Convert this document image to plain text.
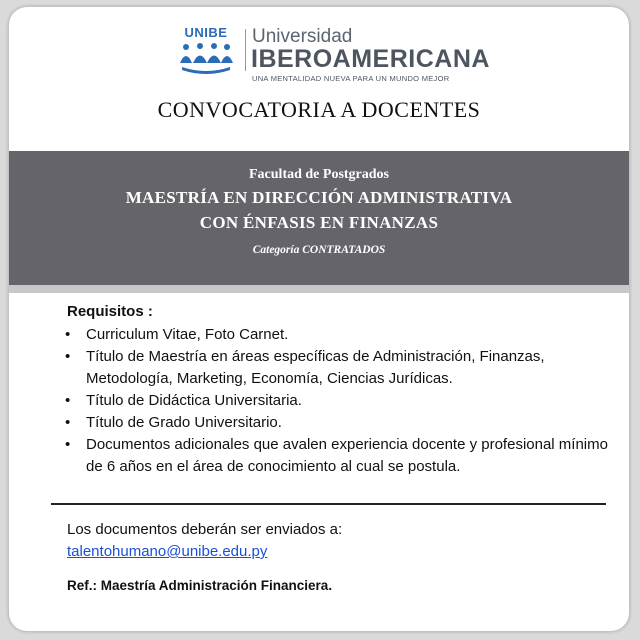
UNIBE	Universidad
IBEROAMERICANA
UNA MENTALIDAD NUEVA PARA UN MUNDO MEJOR
CONVOCATORIA A DOCENTES
Facultad de Postgrados
MAESTRÍA EN DIRECCIÓN ADMINISTRATIVA
CON ÉNFASIS EN FINANZAS
Categoría CONTRATADOS
Requisitos :
• Curriculum Vitae, Foto Carnet.
• Título de Maestría en áreas específicas de Administración, Finanzas, Metodología, Marketing, Economía, Ciencias Jurídicas.
• Título de Didáctica Universitaria.
• Título de Grado Universitario.
• Documentos adicionales que avalen experiencia docente y profesional mínimo de 6 años en el área de conocimiento al cual se postula.
Los documentos deberán ser enviados a:
talentohumano@unibe.edu.py
Ref.: Maestría Administración Financiera.
